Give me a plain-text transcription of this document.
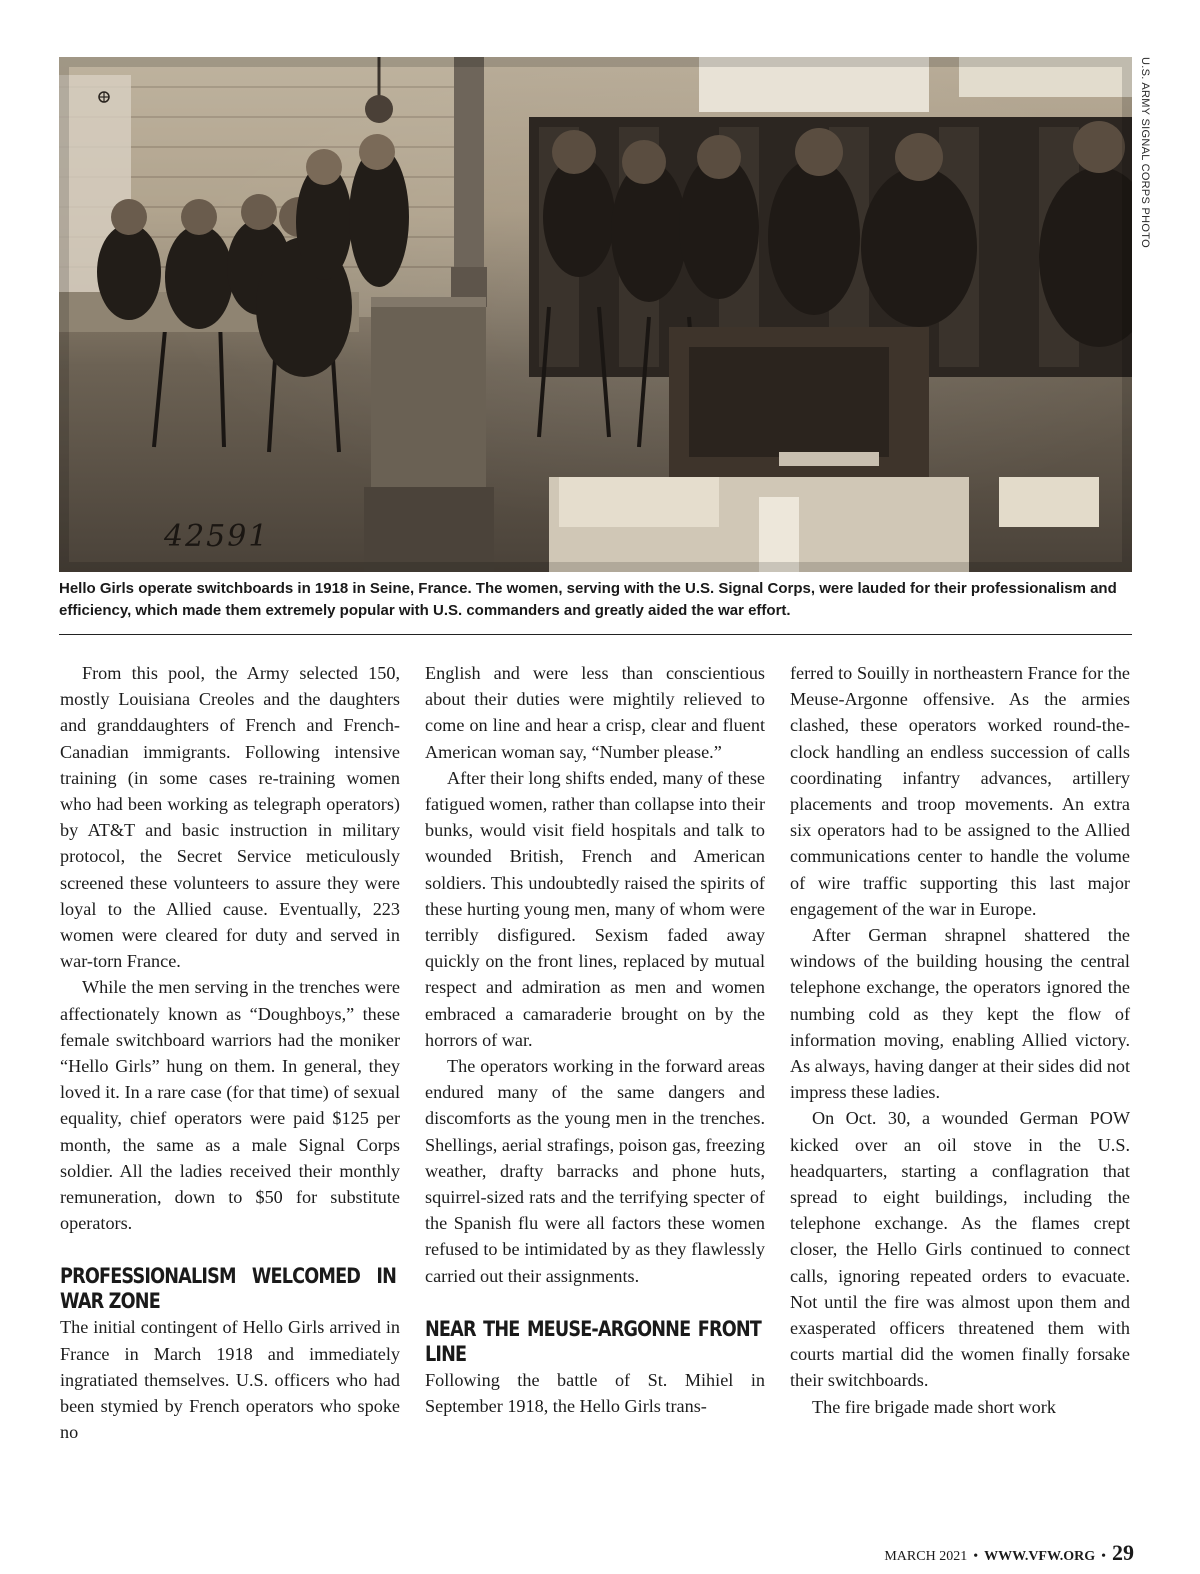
42591
U.S. ARMY SIGNAL CORPS PHOTO
Hello Girls operate switchboards in 1918 in Seine, France. The women, serving with the U.S. Signal Corps, were lauded for their professionalism and efficiency, which made them extremely popular with U.S. commanders and greatly aided the war effort.

From this pool, the Army selected 150, mostly Louisiana Creoles and the daughters and granddaughters of French and French-Canadian immigrants. Following intensive training (in some cases re-training women who had been working as telegraph operators) by AT&T and basic instruction in military protocol, the Secret Service meticulously screened these volunteers to assure they were loyal to the Allied cause. Eventually, 223 women were cleared for duty and served in war-torn France.

While the men serving in the trenches were affectionately known as “Doughboys,” these female switchboard warriors had the moniker “Hello Girls” hung on them. In general, they loved it. In a rare case (for that time) of sexual equality, chief operators were paid $125 per month, the same as a male Signal Corps soldier. All the ladies received their monthly remuneration, down to $50 for substitute operators.

PROFESSIONALISM WELCOMED IN WAR ZONE

The initial contingent of Hello Girls arrived in France in March 1918 and immediately ingratiated themselves. U.S. officers who had been stymied by French operators who spoke no

English and were less than conscientious about their duties were mightily relieved to come on line and hear a crisp, clear and fluent American woman say, “Number please.”

After their long shifts ended, many of these fatigued women, rather than collapse into their bunks, would visit field hospitals and talk to wounded British, French and American soldiers. This undoubtedly raised the spirits of these hurting young men, many of whom were terribly disfigured. Sexism faded away quickly on the front lines, replaced by mutual respect and admiration as men and women embraced a camaraderie brought on by the horrors of war.

The operators working in the forward areas endured many of the same dangers and discomforts as the young men in the trenches. Shellings, aerial strafings, poison gas, freezing weather, drafty barracks and phone huts, squirrel-sized rats and the terrifying specter of the Spanish flu were all factors these women refused to be intimidated by as they flawlessly carried out their assignments.

NEAR THE MEUSE-ARGONNE FRONT LINE

Following the battle of St. Mihiel in September 1918, the Hello Girls trans-

ferred to Souilly in northeastern France for the Meuse-Argonne offensive. As the armies clashed, these operators worked round-the-clock handling an endless succession of calls coordinating infantry advances, artillery placements and troop movements. An extra six operators had to be assigned to the Allied communications center to handle the volume of wire traffic supporting this last major engagement of the war in Europe.

After German shrapnel shattered the windows of the building housing the central telephone exchange, the operators ignored the numbing cold as they kept the flow of information moving, enabling Allied victory. As always, having danger at their sides did not impress these ladies.

On Oct. 30, a wounded German POW kicked over an oil stove in the U.S. headquarters, starting a conflagration that spread to eight buildings, including the telephone exchange. As the flames crept closer, the Hello Girls continued to connect calls, ignoring repeated orders to evacuate. Not until the fire was almost upon them and exasperated officers threatened them with courts martial did the women finally forsake their switchboards.

The fire brigade made short work

MARCH 2021 • WWW.VFW.ORG • 29
